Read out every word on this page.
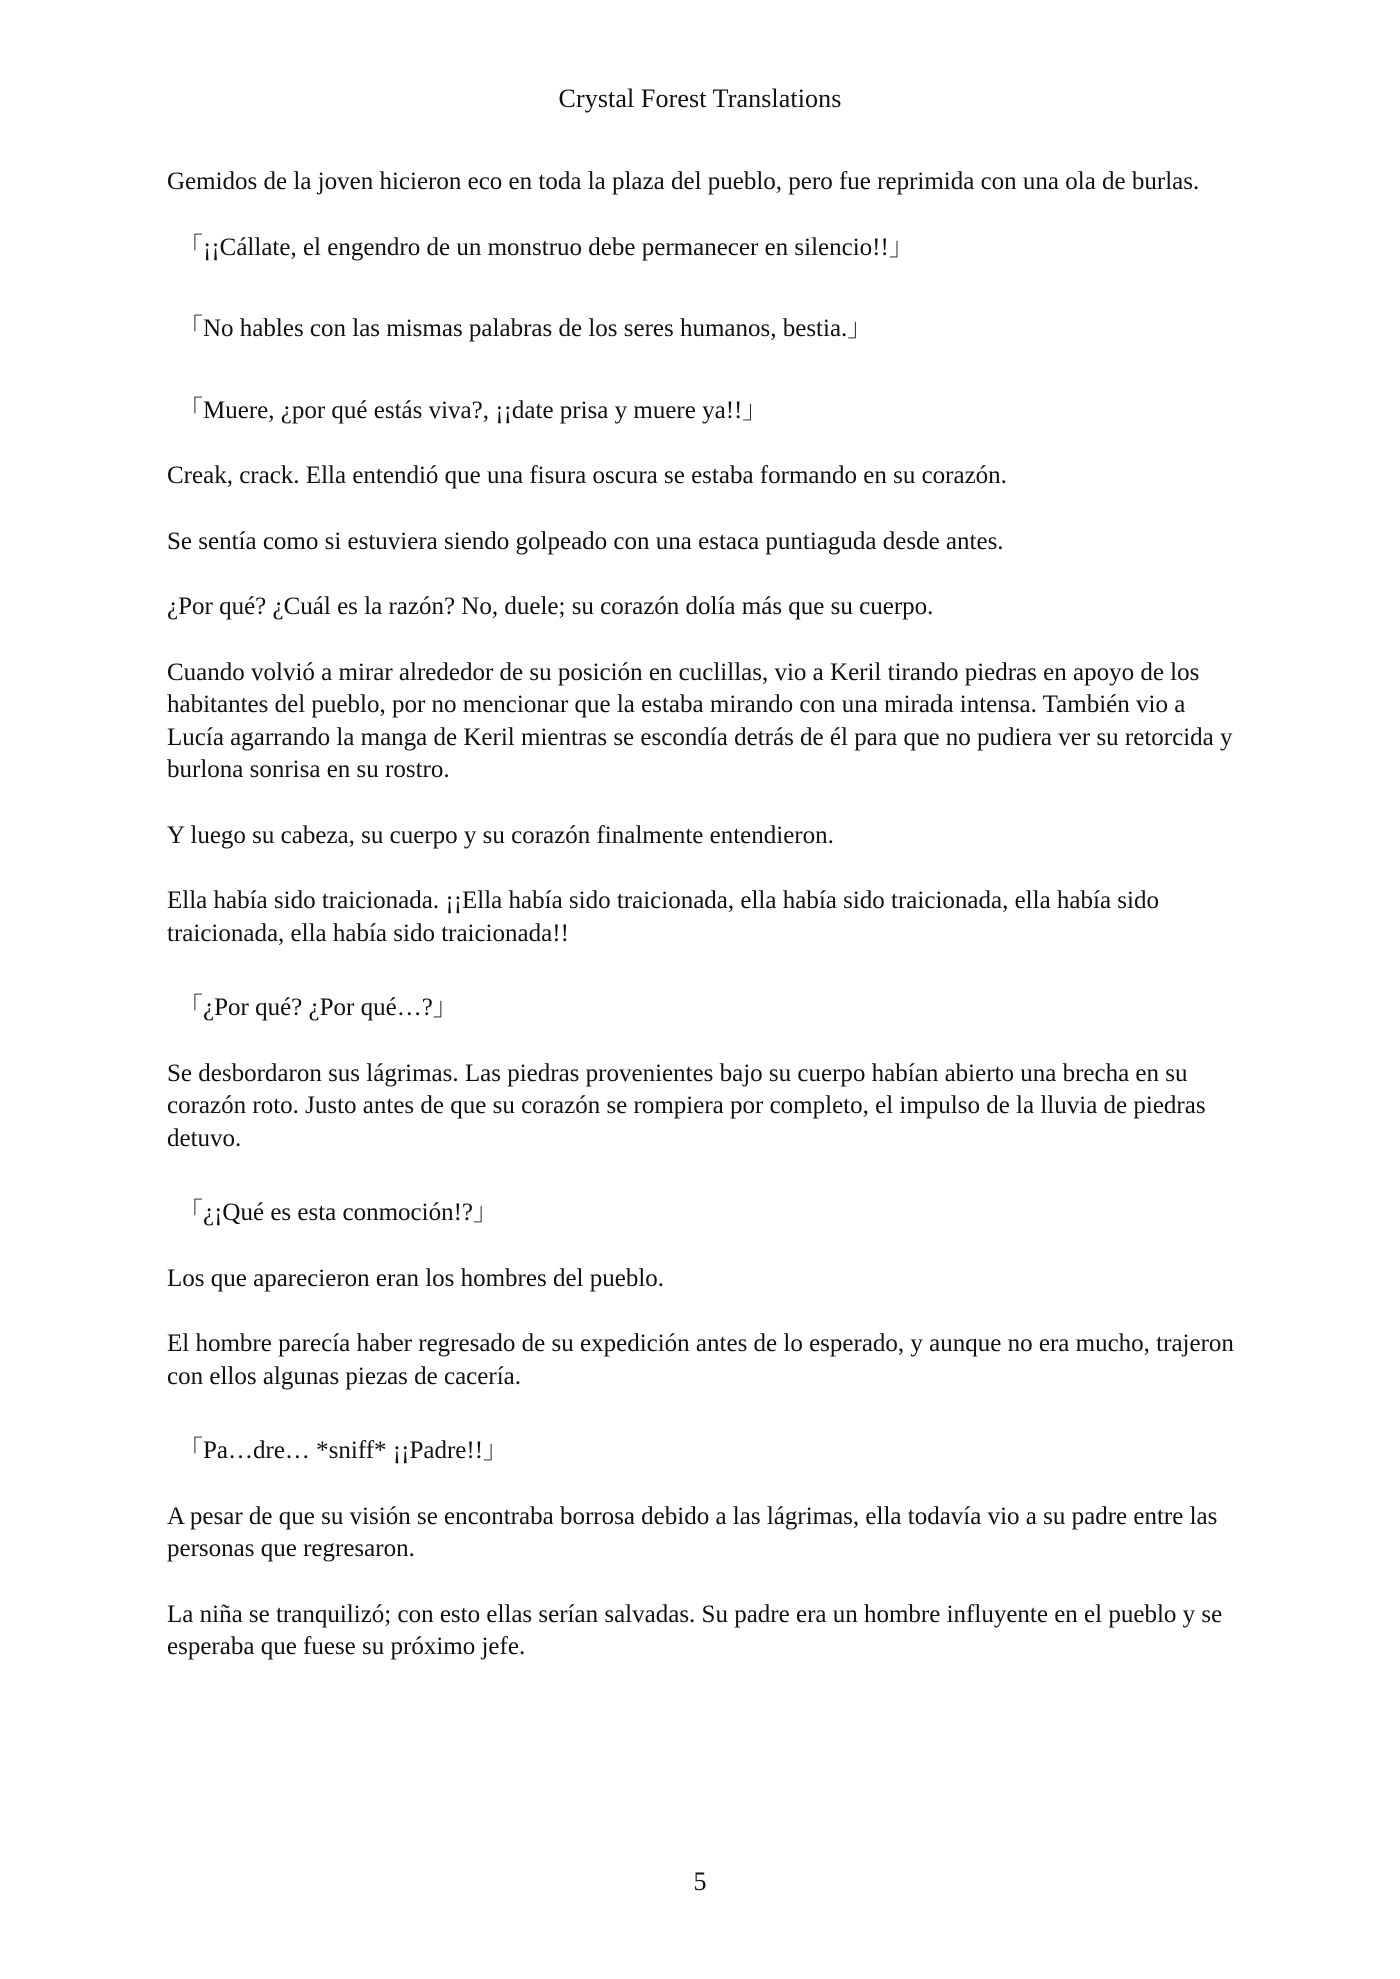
Crystal Forest Translations

Gemidos de la joven hicieron eco en toda la plaza del pueblo, pero fue reprimida con una ola de burlas.

「¡¡Cállate, el engendro de un monstruo debe permanecer en silencio!!」

「No hables con las mismas palabras de los seres humanos, bestia.」

「Muere, ¿por qué estás viva?, ¡¡date prisa y muere ya!!」

Creak, crack. Ella entendió que una fisura oscura se estaba formando en su corazón.

Se sentía como si estuviera siendo golpeado con una estaca puntiaguda desde antes.

¿Por qué? ¿Cuál es la razón? No, duele; su corazón dolía más que su cuerpo.

Cuando volvió a mirar alrededor de su posición en cuclillas, vio a Keril tirando piedras en apoyo de los habitantes del pueblo, por no mencionar que la estaba mirando con una mirada intensa. También vio a Lucía agarrando la manga de Keril mientras se escondía detrás de él para que no pudiera ver su retorcida y burlona sonrisa en su rostro.

Y luego su cabeza, su cuerpo y su corazón finalmente entendieron.

Ella había sido traicionada. ¡¡Ella había sido traicionada, ella había sido traicionada, ella había sido traicionada, ella había sido traicionada!!

「¿Por qué? ¿Por qué…?」

Se desbordaron sus lágrimas. Las piedras provenientes bajo su cuerpo habían abierto una brecha en su corazón roto. Justo antes de que su corazón se rompiera por completo, el impulso de la lluvia de piedras detuvo.

「¿¡Qué es esta conmoción!?」

Los que aparecieron eran los hombres del pueblo.

El hombre parecía haber regresado de su expedición antes de lo esperado, y aunque no era mucho, trajeron con ellos algunas piezas de cacería.

「Pa…dre… *sniff* ¡¡Padre!!」

A pesar de que su visión se encontraba borrosa debido a las lágrimas, ella todavía vio a su padre entre las personas que regresaron.

La niña se tranquilizó; con esto ellas serían salvadas. Su padre era un hombre influyente en el pueblo y se esperaba que fuese su próximo jefe.

5
